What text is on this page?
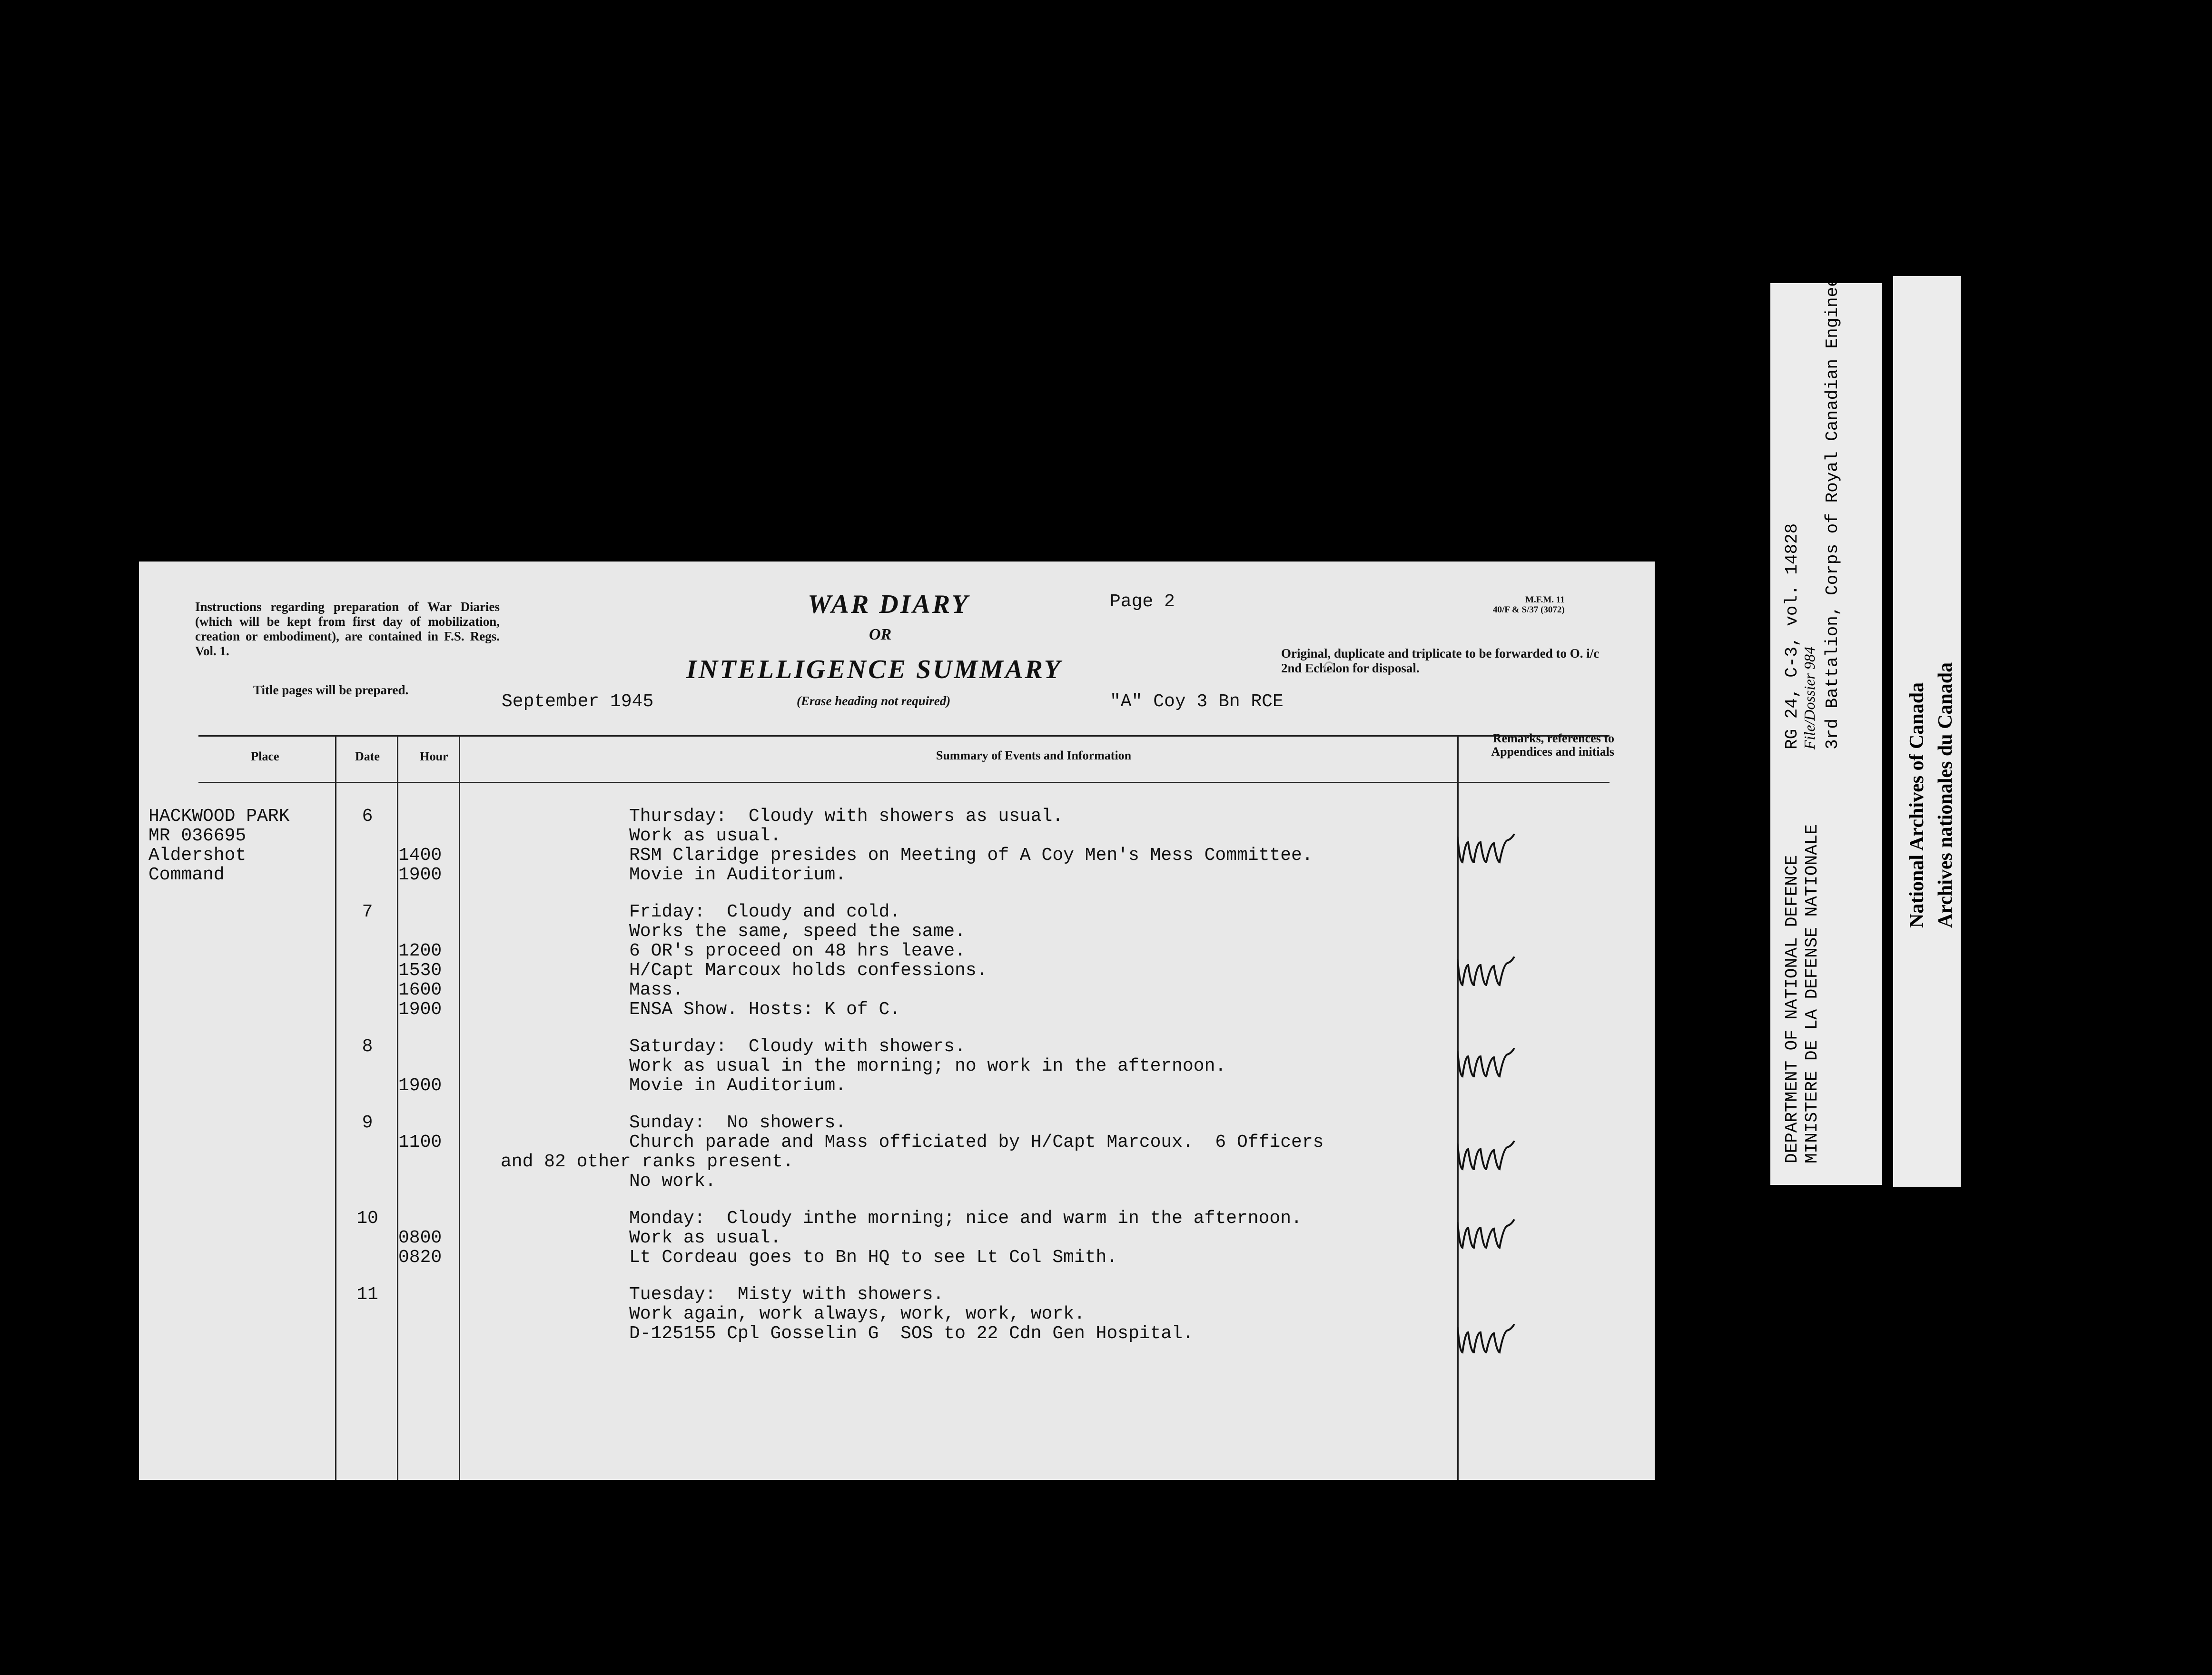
Instructions regarding preparation of War Diaries (which will be kept from first day of mobilization, creation or embodiment), are contained in F.S. Regs. Vol. 1.
Title pages will be prepared.
WAR DIARY
OR
INTELLIGENCE SUMMARY
(Erase heading not required)
Page 2
September 1945	"A" Coy 3 Bn RCE
M.F.M. 11
40/F & S/37 (3072)
Original, duplicate and triplicate to be forwarded to O. i/c 2nd Echelon for disposal.
Place	Date	Hour	Summary of Events and Information
Remarks, references to Appendices and initials
HACKWOOD PARK
MR 036695
Aldershot
Command
6	Thursday:  Cloudy with showers as usual.
Work as usual.
1400	RSM Claridge presides on Meeting of A Coy Men's Mess Committee.
1900	Movie in Auditorium.
7	Friday:  Cloudy and cold.
Works the same, speed the same.
1200	6 OR's proceed on 48 hrs leave.
1530	H/Capt Marcoux holds confessions.
1600	Mass.
1900	ENSA Show. Hosts: K of C.
8	Saturday:  Cloudy with showers.
Work as usual in the morning; no work in the afternoon.
1900	Movie in Auditorium.
9	Sunday:  No showers.
1100	Church parade and Mass officiated by H/Capt Marcoux.  6 Officers
and 82 other ranks present.
No work.
10	Monday:  Cloudy inthe morning; nice and warm in the afternoon.
0800	Work as usual.
0820	Lt Cordeau goes to Bn HQ to see Lt Col Smith.
11	Tuesday:  Misty with showers.
Work again, work always, work, work, work.
D-125155 Cpl Gosselin G  SOS to 22 Cdn Gen Hospital.
DEPARTMENT OF NATIONAL DEFENCE
MINISTERE DE LA DEFENSE NATIONALE
RG 24, C-3, vol. 14828
File/Dossier 984 3rd Battalion, Corps of Royal Canadian Engineers
National Archives of Canada Archives nationales du Canada
